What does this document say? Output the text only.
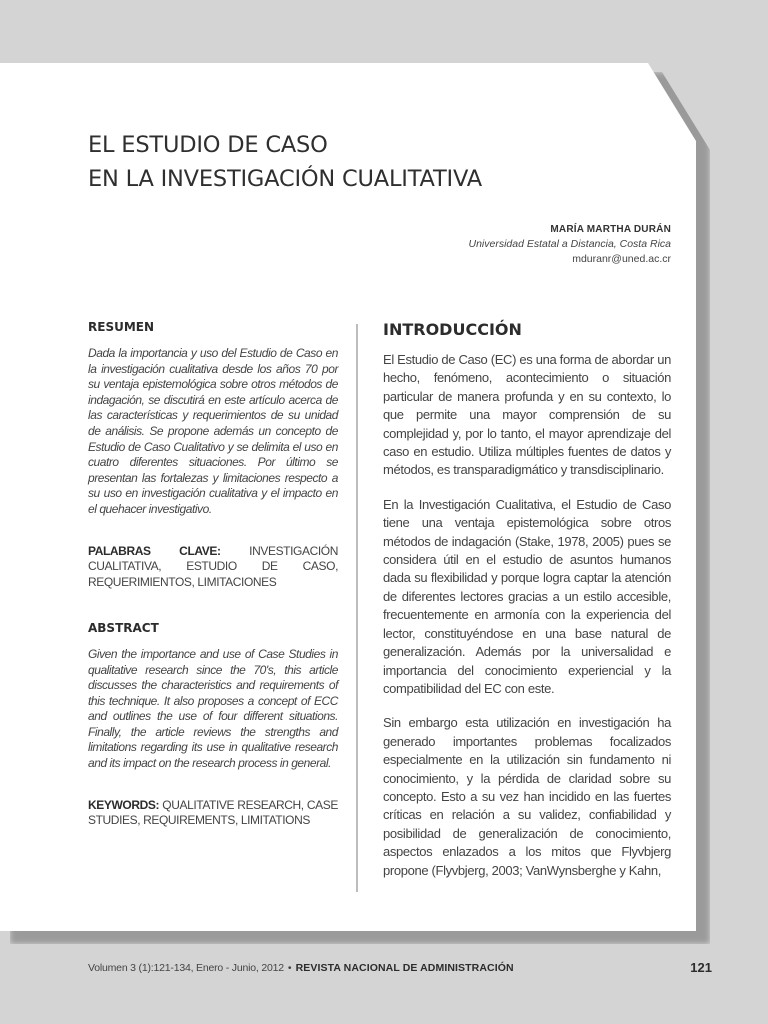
EL ESTUDIO DE CASO
EN LA INVESTIGACIÓN CUALITATIVA
MARÍA MARTHA DURÁN
Universidad Estatal a Distancia, Costa Rica
mduranr@uned.ac.cr
RESUMEN

Dada la importancia y uso del Estudio de Caso en la investigación cualitativa desde los años 70 por su ventaja epistemológica sobre otros métodos de indagación, se discutirá en este artículo acerca de las características y requerimientos de su unidad de análisis. Se propone además un concepto de Estudio de Caso Cualitativo y se delimita el uso en cuatro diferentes situaciones. Por último se presentan las fortalezas y limitaciones respecto a su uso en investigación cualitativa y el impacto en el quehacer investigativo.

PALABRAS CLAVE: INVESTIGACIÓN CUALITATIVA, ESTUDIO DE CASO, REQUERIMIENTOS, LIMITACIONES

ABSTRACT

Given the importance and use of Case Studies in qualitative research since the 70's, this article discusses the characteristics and requirements of this technique. It also proposes a concept of ECC and outlines the use of four different situations. Finally, the article reviews the strengths and limitations regarding its use in qualitative research and its impact on the research process in general.

KEYWORDS: QUALITATIVE RESEARCH, CASE STUDIES, REQUIREMENTS, LIMITATIONS

INTRODUCCIÓN

El Estudio de Caso (EC) es una forma de abordar un hecho, fenómeno, acontecimiento o situación particular de manera profunda y en su contexto, lo que permite una mayor comprensión de su complejidad y, por lo tanto, el mayor aprendizaje del caso en estudio. Utiliza múltiples fuentes de datos y métodos, es transparadigmático y transdisciplinario.

En la Investigación Cualitativa, el Estudio de Caso tiene una ventaja epistemológica sobre otros métodos de indagación (Stake, 1978, 2005) pues se considera útil en el estudio de asuntos humanos dada su flexibilidad y porque logra captar la atención de diferentes lectores gracias a un estilo accesible, frecuentemente en armonía con la experiencia del lector, constituyéndose en una base natural de generalización. Además por la universalidad e importancia del conocimiento experiencial y la compatibilidad del EC con este.

Sin embargo esta utilización en investigación ha generado importantes problemas focalizados especialmente en la utilización sin fundamento ni conocimiento, y la pérdida de claridad sobre su concepto. Esto a su vez han incidido en las fuertes críticas en relación a su validez, confiabilidad y posibilidad de generalización de conocimiento, aspectos enlazados a los mitos que Flyvbjerg propone (Flyvbjerg, 2003; VanWynsberghe y Kahn,

Volumen 3 (1):121-134, Enero - Junio, 2012 • REVISTA NACIONAL DE ADMINISTRACIÓN	121
